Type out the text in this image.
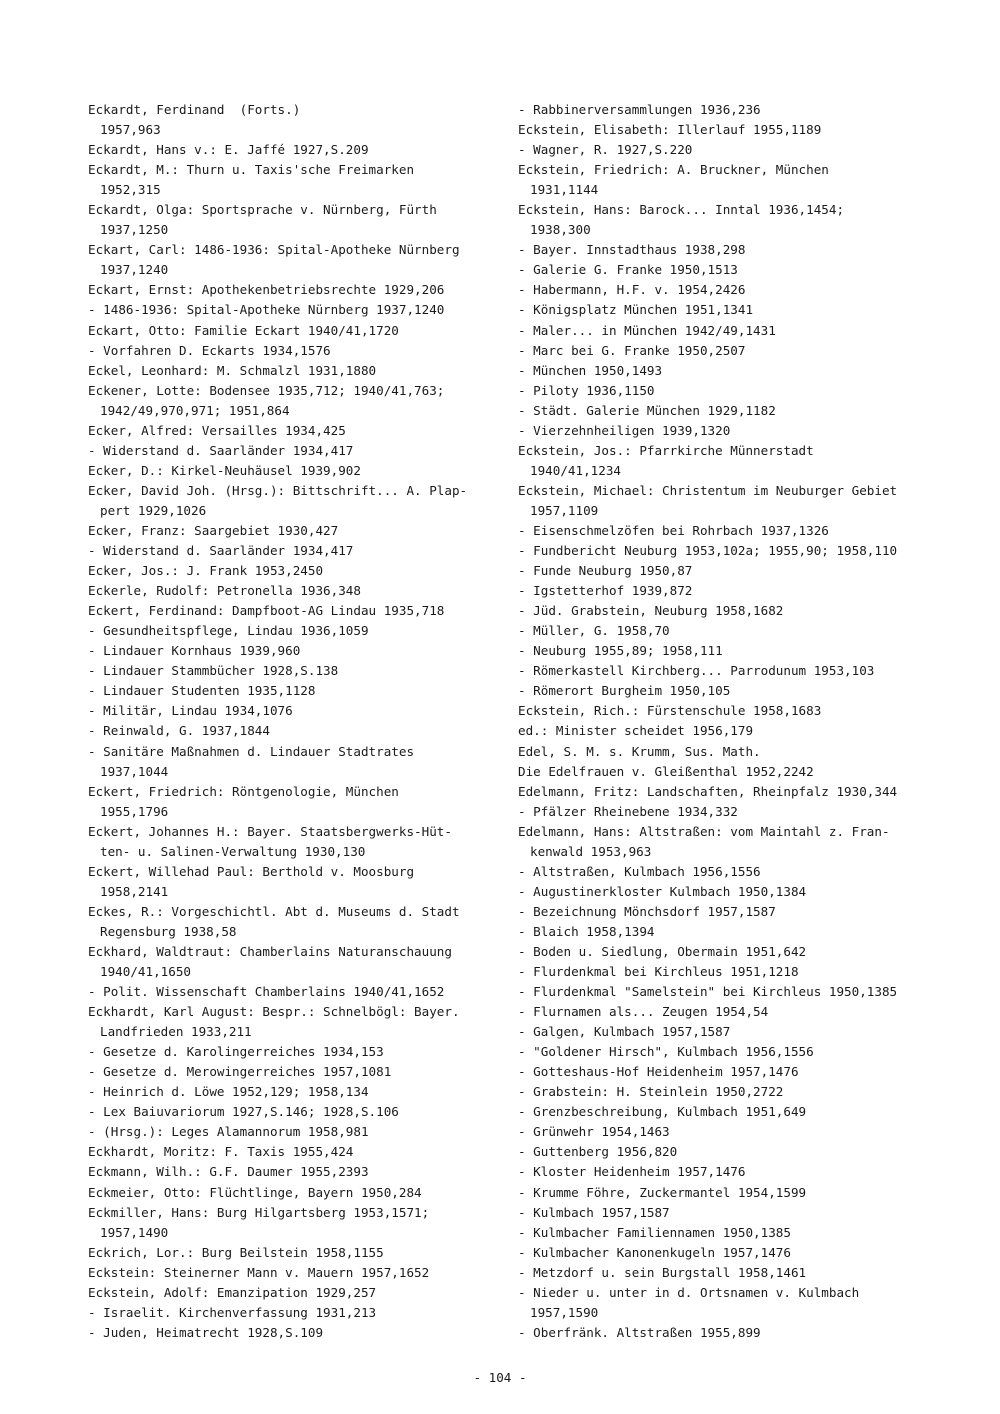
Eckardt, Ferdinand  (Forts.)
1957,963
Eckardt, Hans v.: E. Jaffé 1927,S.209
Eckardt, M.: Thurn u. Taxis'sche Freimarken
1952,315
Eckardt, Olga: Sportsprache v. Nürnberg, Fürth
1937,1250
Eckart, Carl: 1486-1936: Spital-Apotheke Nürnberg
1937,1240
Eckart, Ernst: Apothekenbetriebsrechte 1929,206
- 1486-1936: Spital-Apotheke Nürnberg 1937,1240
Eckart, Otto: Familie Eckart 1940/41,1720
- Vorfahren D. Eckarts 1934,1576
Eckel, Leonhard: M. Schmalzl 1931,1880
Eckener, Lotte: Bodensee 1935,712; 1940/41,763;
1942/49,970,971; 1951,864
Ecker, Alfred: Versailles 1934,425
- Widerstand d. Saarländer 1934,417
Ecker, D.: Kirkel-Neuhäusel 1939,902
Ecker, David Joh. (Hrsg.): Bittschrift... A. Plap-
pert 1929,1026
Ecker, Franz: Saargebiet 1930,427
- Widerstand d. Saarländer 1934,417
Ecker, Jos.: J. Frank 1953,2450
Eckerle, Rudolf: Petronella 1936,348
Eckert, Ferdinand: Dampfboot-AG Lindau 1935,718
- Gesundheitspflege, Lindau 1936,1059
- Lindauer Kornhaus 1939,960
- Lindauer Stammbücher 1928,S.138
- Lindauer Studenten 1935,1128
- Militär, Lindau 1934,1076
- Reinwald, G. 1937,1844
- Sanitäre Maßnahmen d. Lindauer Stadtrates
1937,1044
Eckert, Friedrich: Röntgenologie, München
1955,1796
Eckert, Johannes H.: Bayer. Staatsbergwerks-Hüt-
ten- u. Salinen-Verwaltung 1930,130
Eckert, Willehad Paul: Berthold v. Moosburg
1958,2141
Eckes, R.: Vorgeschichtl. Abt d. Museums d. Stadt
Regensburg 1938,58
Eckhard, Waldtraut: Chamberlains Naturanschauung
1940/41,1650
- Polit. Wissenschaft Chamberlains 1940/41,1652
Eckhardt, Karl August: Bespr.: Schnelbögl: Bayer.
Landfrieden 1933,211
- Gesetze d. Karolingerreiches 1934,153
- Gesetze d. Merowingerreiches 1957,1081
- Heinrich d. Löwe 1952,129; 1958,134
- Lex Baiuvariorum 1927,S.146; 1928,S.106
- (Hrsg.): Leges Alamannorum 1958,981
Eckhardt, Moritz: F. Taxis 1955,424
Eckmann, Wilh.: G.F. Daumer 1955,2393
Eckmeier, Otto: Flüchtlinge, Bayern 1950,284
Eckmiller, Hans: Burg Hilgartsberg 1953,1571;
1957,1490
Eckrich, Lor.: Burg Beilstein 1958,1155
Eckstein: Steinerner Mann v. Mauern 1957,1652
Eckstein, Adolf: Emanzipation 1929,257
- Israelit. Kirchenverfassung 1931,213
- Juden, Heimatrecht 1928,S.109
- Rabbinerversammlungen 1936,236
Eckstein, Elisabeth: Illerlauf 1955,1189
- Wagner, R. 1927,S.220
Eckstein, Friedrich: A. Bruckner, München
1931,1144
Eckstein, Hans: Barock... Inntal 1936,1454;
1938,300
- Bayer. Innstadthaus 1938,298
- Galerie G. Franke 1950,1513
- Habermann, H.F. v. 1954,2426
- Königsplatz München 1951,1341
- Maler... in München 1942/49,1431
- Marc bei G. Franke 1950,2507
- München 1950,1493
- Piloty 1936,1150
- Städt. Galerie München 1929,1182
- Vierzehnheiligen 1939,1320
Eckstein, Jos.: Pfarrkirche Münnerstadt
1940/41,1234
Eckstein, Michael: Christentum im Neuburger Gebiet
1957,1109
- Eisenschmelzöfen bei Rohrbach 1937,1326
- Fundbericht Neuburg 1953,102a; 1955,90; 1958,110
- Funde Neuburg 1950,87
- Igstetterhof 1939,872
- Jüd. Grabstein, Neuburg 1958,1682
- Müller, G. 1958,70
- Neuburg 1955,89; 1958,111
- Römerkastell Kirchberg... Parrodunum 1953,103
- Römerort Burgheim 1950,105
Eckstein, Rich.: Fürstenschule 1958,1683
ed.: Minister scheidet 1956,179
Edel, S. M. s. Krumm, Sus. Math.
Die Edelfrauen v. Gleißenthal 1952,2242
Edelmann, Fritz: Landschaften, Rheinpfalz 1930,344
- Pfälzer Rheinebene 1934,332
Edelmann, Hans: Altstraßen: vom Maintahl z. Fran-
kenwald 1953,963
- Altstraßen, Kulmbach 1956,1556
- Augustinerkloster Kulmbach 1950,1384
- Bezeichnung Mönchsdorf 1957,1587
- Blaich 1958,1394
- Boden u. Siedlung, Obermain 1951,642
- Flurdenkmal bei Kirchleus 1951,1218
- Flurdenkmal "Samelstein" bei Kirchleus 1950,1385
- Flurnamen als... Zeugen 1954,54
- Galgen, Kulmbach 1957,1587
- "Goldener Hirsch", Kulmbach 1956,1556
- Gotteshaus-Hof Heidenheim 1957,1476
- Grabstein: H. Steinlein 1950,2722
- Grenzbeschreibung, Kulmbach 1951,649
- Grünwehr 1954,1463
- Guttenberg 1956,820
- Kloster Heidenheim 1957,1476
- Krumme Föhre, Zuckermantel 1954,1599
- Kulmbach 1957,1587
- Kulmbacher Familiennamen 1950,1385
- Kulmbacher Kanonenkugeln 1957,1476
- Metzdorf u. sein Burgstall 1958,1461
- Nieder u. unter in d. Ortsnamen v. Kulmbach
1957,1590
- Oberfränk. Altstraßen 1955,899
- 104 -
